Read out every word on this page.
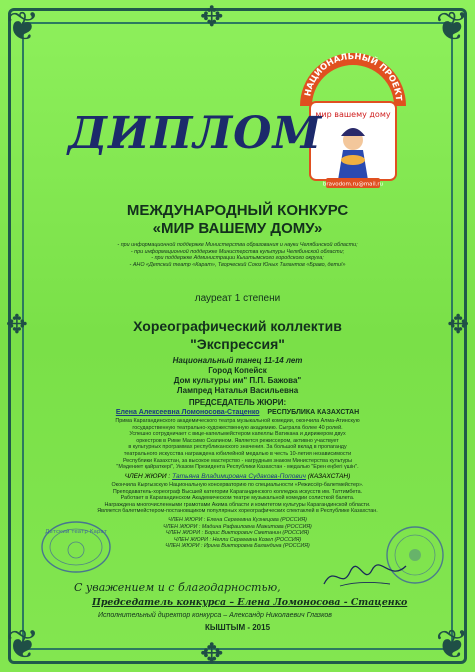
❦	❦
❦	❦
✥
✥	✥
✥
НАЦИОНАЛЬНЫЙ ПРОЕКТ
мир вашему дому
bravodom.ru@mail.ru
ДИПЛОМ
МЕЖДУНАРОДНЫЙ КОНКУРС
«МИР ВАШЕМУ ДОМУ»
- при информационной поддержке Министерства образования и науки Челябинской области;
- при информационной поддержке Министерства культуры Челябинской области;
- при поддержке Администрации Кыштымского городского округа;
- АНО «Детский театр «Карат», Творческий Союз Юных Талантов «Браво, дети!»
лауреат 1 степени
Хореографический коллектив
"Экспрессия"
Национальный танец 11-14 лет
Город Копейск
Дом культуры им" П.П. Бажова"
Лампред Наталья Васильевна
ПРЕДСЕДАТЕЛЬ ЖЮРИ:
Елена Алексеевна Ломоносова-Стаценко РЕСПУБЛИКА КАЗАХСТАН
Прима Карагандинского академического театра музыкальной комедии, окончила Алма-Атинскую
государственную театрально-художественную академию. Сыграла более 40 ролей.
Успешно сотрудничает с вице-капельмейстером капеллы Ватикана и дирижером двух
оркестров в Риме Массимо Скапином. Является режиссером, активно участвует
в культурных программах республиканского значения. За большой вклад в пропаганду
театрального искусства награждена юбилейной медалью в честь 10-летия независимости
Республики Казахстан, за высокое мастерство - нагрудным знаком Министерства культуры
"Мәдениет қайраткері", Указом Президента Республики Казахстан - медалью "Ерен еңбегі үшін".
ЧЛЕН ЖЮРИ : Татьяна Владимировна Судакова-Попович (КАЗАХСТАН)
Окончила Кыргызскую Национальную консерваторию по специальности «Режиссёр-балетмейстер».
Преподаватель-хореограф Высшей категории Карагандинского колледжа искусств им. Таттимбета.
Работает в Карагандинском Академическом театре музыкальной комедии солисткой балета.
Награждена многочисленными грамотами Акима области и комитетом культуры Карагандинской области.
Является балетмейстером-постановщиком популярных хореографических спектаклей в Республике Казахстан.
ЧЛЕН ЖЮРИ : Елена Сергеевна Кузнецова (РОССИЯ)
ЧЛЕН ЖЮРИ : Мадина Рафаиловна Мажитова (РОССИЯ)
ЧЛЕН ЖЮРИ : Борис Викторович Сметанин (РОССИЯ)
ЧЛЕН ЖЮРИ : Нелли Сергеевна Козел (РОССИЯ)
ЧЛЕН ЖЮРИ : Ирина Викторовна Баландина (РОССИЯ)
Детский театр Карат
С уважением и с благодарностью,
Председатель конкурса – Елена Ломоносова - Стаценко
Исполнительный директор конкурса – Александр Николаевич Глазков
КЫШТЫМ - 2015
